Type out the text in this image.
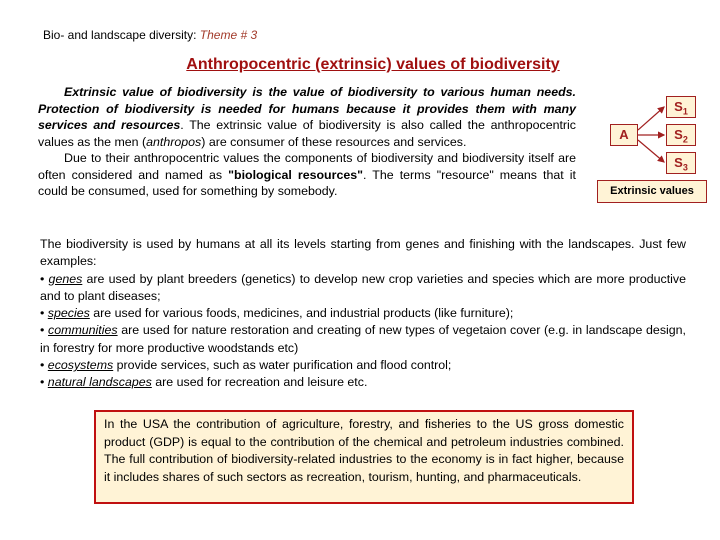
Bio- and landscape diversity: Theme # 3
Anthropocentric (extrinsic) values of biodiversity

Extrinsic value of biodiversity is the value of biodiversity to various human needs. Protection of biodiversity is needed for humans because it provides them with many services and resources. The extrinsic value of biodiversity is also called the anthropocentric values as the men (anthropos) are consumer of these resources and services.

Due to their anthropocentric values the components of biodiversity and biodiversity itself are often considered and named as "biological resources". The terms "resource" means that it could be consumed, used for something by somebody.

A
$S_1$
$S_2$
$S_3$
Extrinsic values

The biodiversity is used by humans at all its levels starting from genes and finishing with the landscapes. Just few examples:

• genes are used by plant breeders (genetics) to develop new crop varieties and species which are more productive and to plant diseases;

• species are used for various foods, medicines, and industrial products (like furniture);

• communities are used for nature restoration and creating of new types of vegetaion cover (e.g. in landscape design, in forestry for more productive woodstands etc)

• ecosystems provide services, such as water purification and flood control;

• natural landscapes are used for recreation and leisure etc.

In the USA the contribution of agriculture, forestry, and fisheries to the US gross domestic product (GDP) is equal to the contribution of the chemical and petroleum industries combined. The full contribution of biodiversity-related industries to the economy is in fact higher, because it includes shares of such sectors as recreation, tourism, hunting, and pharmaceuticals.
